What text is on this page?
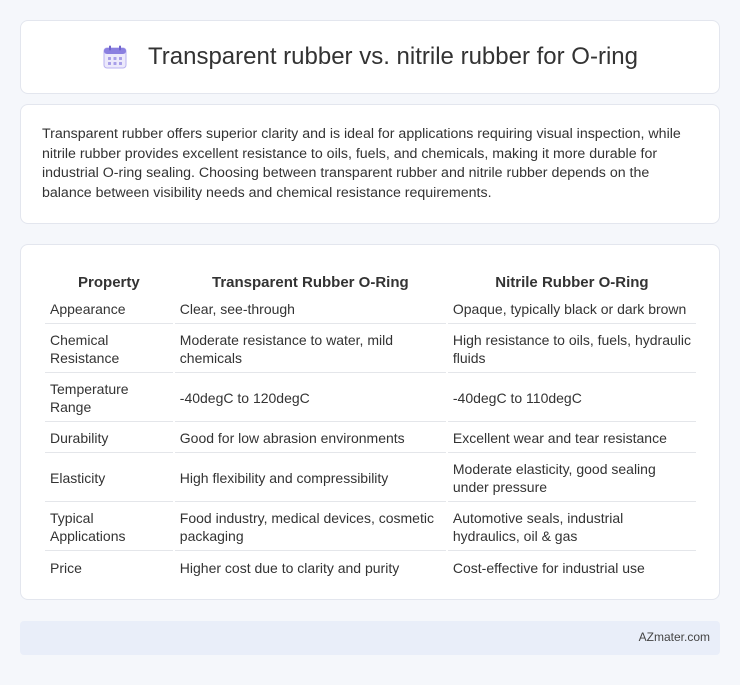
Transparent rubber vs. nitrile rubber for O-ring

Transparent rubber offers superior clarity and is ideal for applications requiring visual inspection, while nitrile rubber provides excellent resistance to oils, fuels, and chemicals, making it more durable for industrial O-ring sealing. Choosing between transparent rubber and nitrile rubber depends on the balance between visibility needs and chemical resistance requirements.

Property	Transparent Rubber O-Ring	Nitrile Rubber O-Ring
Appearance	Clear, see-through	Opaque, typically black or dark brown
Chemical Resistance	Moderate resistance to water, mild chemicals	High resistance to oils, fuels, hydraulic fluids
Temperature Range	-40degC to 120degC	-40degC to 110degC
Durability	Good for low abrasion environments	Excellent wear and tear resistance
Elasticity	High flexibility and compressibility	Moderate elasticity, good sealing under pressure
Typical Applications	Food industry, medical devices, cosmetic packaging	Automotive seals, industrial hydraulics, oil & gas
Price	Higher cost due to clarity and purity	Cost-effective for industrial use
AZmater.com
